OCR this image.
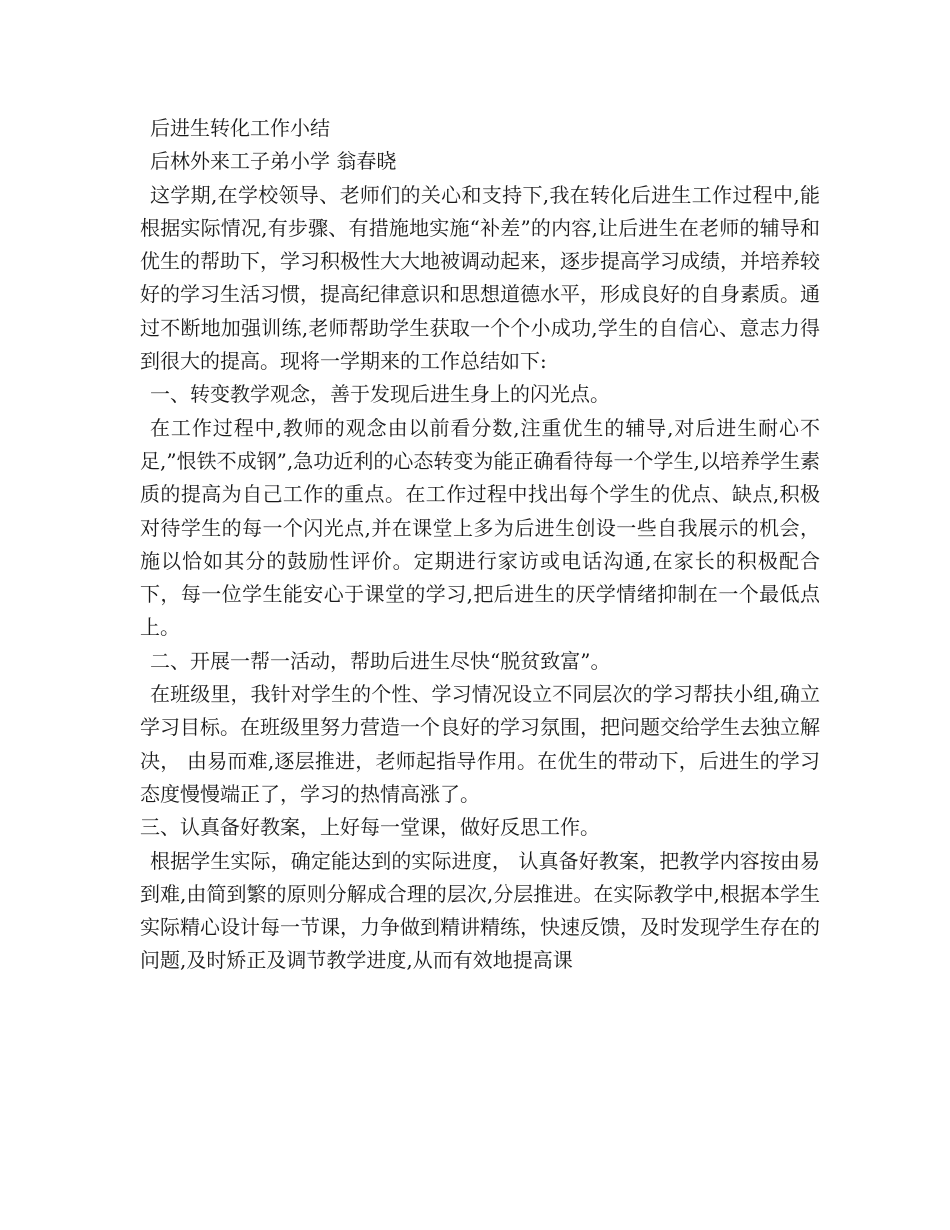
后进生转化工作小结

后林外来工子弟小学 翁春晓

这学期,在学校领导、老师们的关心和支持下,我在转化后进生工作过程中,能根据实际情况,有步骤、有措施地实施“补差”的内容,让后进生在老师的辅导和优生的帮助下，学习积极性大大地被调动起来，逐步提高学习成绩，并培养较好的学习生活习惯，提高纪律意识和思想道德水平，形成良好的自身素质。通过不断地加强训练,老师帮助学生获取一个个小成功,学生的自信心、意志力得到很大的提高。现将一学期来的工作总结如下:

一、转变教学观念，善于发现后进生身上的闪光点。

在工作过程中,教师的观念由以前看分数,注重优生的辅导,对后进生耐心不足,”恨铁不成钢”,急功近利的心态转变为能正确看待每一个学生,以培养学生素质的提高为自己工作的重点。在工作过程中找出每个学生的优点、缺点,积极对待学生的每一个闪光点,并在课堂上多为后进生创设一些自我展示的机会，施以恰如其分的鼓励性评价。定期进行家访或电话沟通,在家长的积极配合下，每一位学生能安心于课堂的学习,把后进生的厌学情绪抑制在一个最低点上。

二、开展一帮一活动，帮助后进生尽快“脱贫致富”。

在班级里，我针对学生的个性、学习情况设立不同层次的学习帮扶小组,确立学习目标。在班级里努力营造一个良好的学习氛围，把问题交给学生去独立解决， 由易而难,逐层推进，老师起指导作用。在优生的带动下，后进生的学习态度慢慢端正了，学习的热情高涨了。

三、认真备好教案，上好每一堂课，做好反思工作。

根据学生实际，确定能达到的实际进度， 认真备好教案，把教学内容按由易到难,由简到繁的原则分解成合理的层次,分层推进。在实际教学中,根据本学生实际精心设计每一节课，力争做到精讲精练，快速反馈，及时发现学生存在的问题,及时矫正及调节教学进度,从而有效地提高课
